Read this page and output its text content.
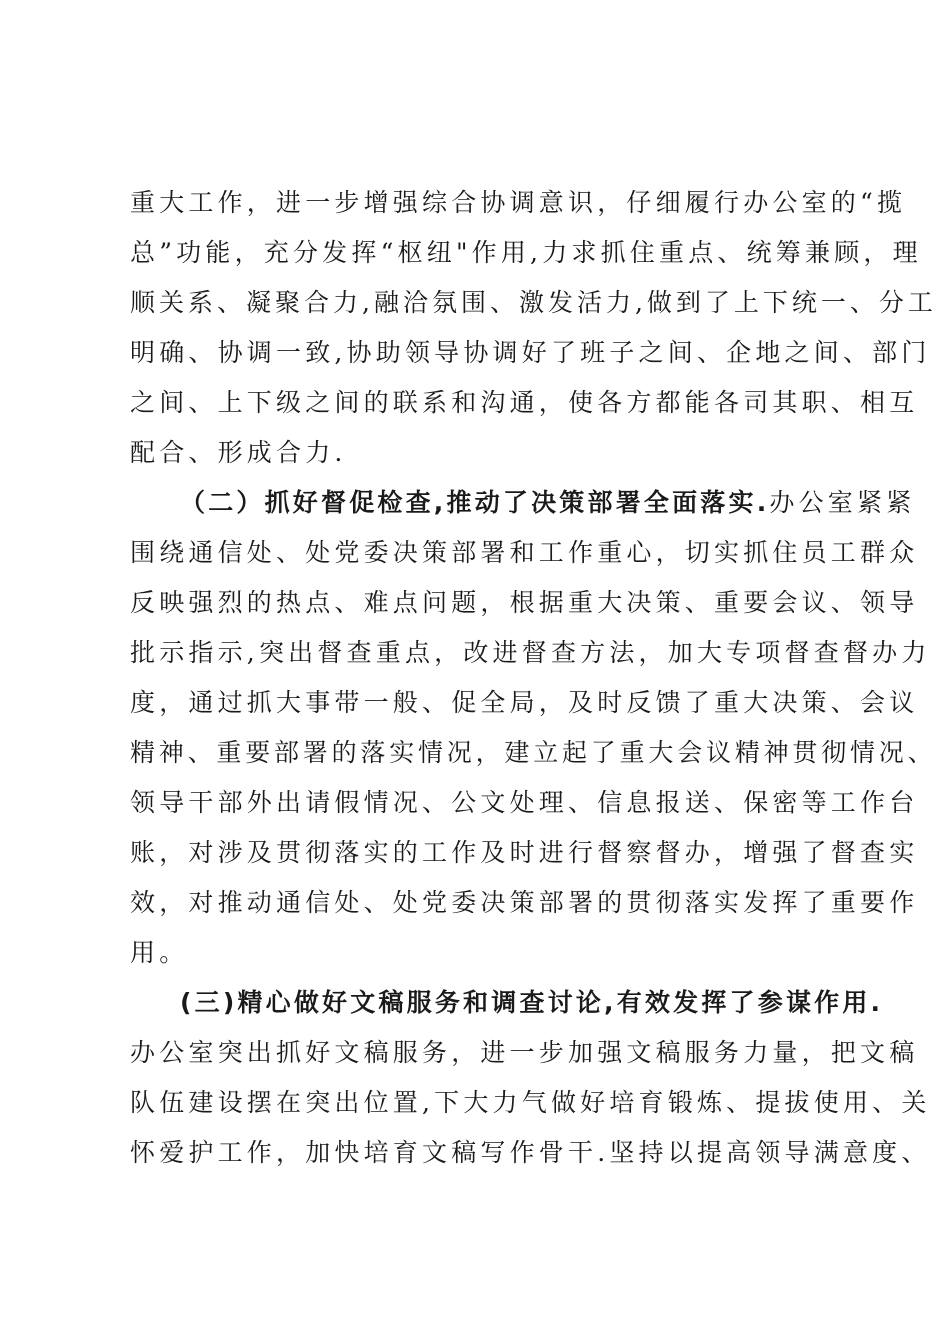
重大工作，进一步增强综合协调意识，仔细履行办公室的“揽
总”功能，充分发挥“枢纽"作用,力求抓住重点、统筹兼顾，理
顺关系、凝聚合力,融洽氛围、激发活力,做到了上下统一、分工
明确、协调一致,协助领导协调好了班子之间、企地之间、部门
之间、上下级之间的联系和沟通，使各方都能各司其职、相互
配合、形成合力.
（二）抓好督促检查,推动了决策部署全面落实.办公室紧紧
围绕通信处、处党委决策部署和工作重心，切实抓住员工群众
反映强烈的热点、难点问题，根据重大决策、重要会议、领导
批示指示,突出督查重点，改进督查方法，加大专项督查督办力
度，通过抓大事带一般、促全局，及时反馈了重大决策、会议
精神、重要部署的落实情况，建立起了重大会议精神贯彻情况、
领导干部外出请假情况、公文处理、信息报送、保密等工作台
账，对涉及贯彻落实的工作及时进行督察督办，增强了督查实
效，对推动通信处、处党委决策部署的贯彻落实发挥了重要作
用。
(三)精心做好文稿服务和调查讨论,有效发挥了参谋作用.
办公室突出抓好文稿服务，进一步加强文稿服务力量，把文稿
队伍建设摆在突出位置,下大力气做好培育锻炼、提拔使用、关
怀爱护工作，加快培育文稿写作骨干.坚持以提高领导满意度、
